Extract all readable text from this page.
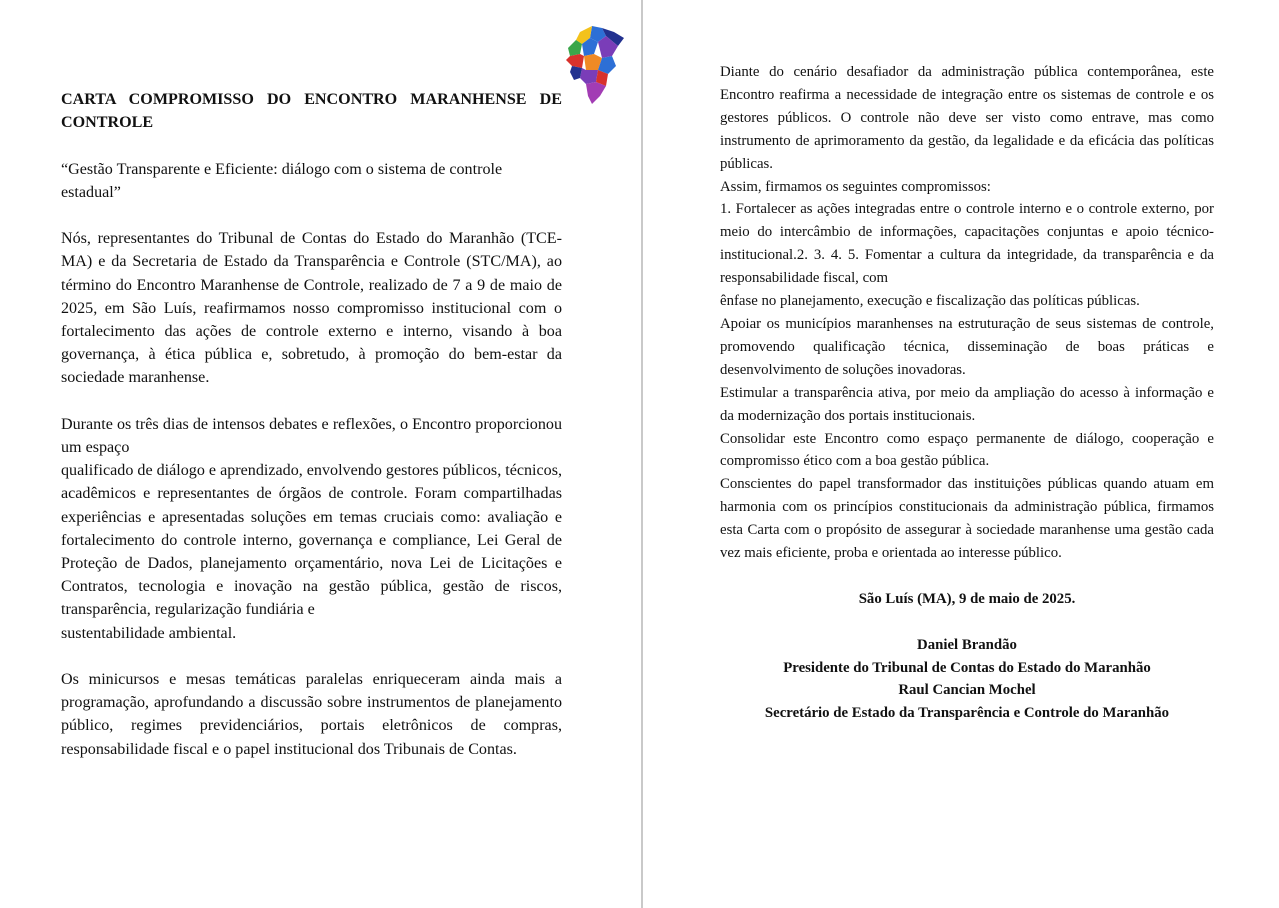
CARTA COMPROMISSO DO ENCONTRO MARANHENSE DE CONTROLE

“Gestão Transparente e Eficiente: diálogo com o sistema de controle estadual”

Nós, representantes do Tribunal de Contas do Estado do Maranhão (TCE-MA) e da Secretaria de Estado da Transparência e Controle (STC/MA), ao término do Encontro Maranhense de Controle, realizado de 7 a 9 de maio de 2025, em São Luís, reafirmamos nosso compromisso institucional com o fortalecimento das ações de controle externo e interno, visando à boa governança, à ética pública e, sobretudo, à promoção do bem-estar da sociedade maranhense.

Durante os três dias de intensos debates e reflexões, o Encontro proporcionou um espaço

qualificado de diálogo e aprendizado, envolvendo gestores públicos, técnicos, acadêmicos e representantes de órgãos de controle. Foram compartilhadas experiências e apresentadas soluções em temas cruciais como: avaliação e fortalecimento do controle interno, governança e compliance, Lei Geral de Proteção de Dados, planejamento orçamentário, nova Lei de Licitações e Contratos, tecnologia e inovação na gestão pública, gestão de riscos, transparência, regularização fundiária e

sustentabilidade ambiental.

Os minicursos e mesas temáticas paralelas enriqueceram ainda mais a programação, aprofundando a discussão sobre instrumentos de planejamento público, regimes previdenciários, portais eletrônicos de compras, responsabilidade fiscal e o papel institucional dos Tribunais de Contas.

Diante do cenário desafiador da administração pública contemporânea, este Encontro reafirma a necessidade de integração entre os sistemas de controle e os gestores públicos. O controle não deve ser visto como entrave, mas como instrumento de aprimoramento da gestão, da legalidade e da eficácia das políticas públicas.

Assim, firmamos os seguintes compromissos:

1. Fortalecer as ações integradas entre o controle interno e o controle externo, por meio do intercâmbio de informações, capacitações conjuntas e apoio técnico-institucional.2. 3. 4. 5. Fomentar a cultura da integridade, da transparência e da responsabilidade fiscal, com

ênfase no planejamento, execução e fiscalização das políticas públicas.

Apoiar os municípios maranhenses na estruturação de seus sistemas de controle, promovendo qualificação técnica, disseminação de boas práticas e desenvolvimento de soluções inovadoras.

Estimular a transparência ativa, por meio da ampliação do acesso à informação e da modernização dos portais institucionais.

Consolidar este Encontro como espaço permanente de diálogo, cooperação e compromisso ético com a boa gestão pública.

Conscientes do papel transformador das instituições públicas quando atuam em harmonia com os princípios constitucionais da administração pública, firmamos esta Carta com o propósito de assegurar à sociedade maranhense uma gestão cada vez mais eficiente, proba e orientada ao interesse público.

São Luís (MA), 9 de maio de 2025.

Daniel Brandão

Presidente do Tribunal de Contas do Estado do Maranhão

Raul Cancian Mochel

Secretário de Estado da Transparência e Controle do Maranhão
